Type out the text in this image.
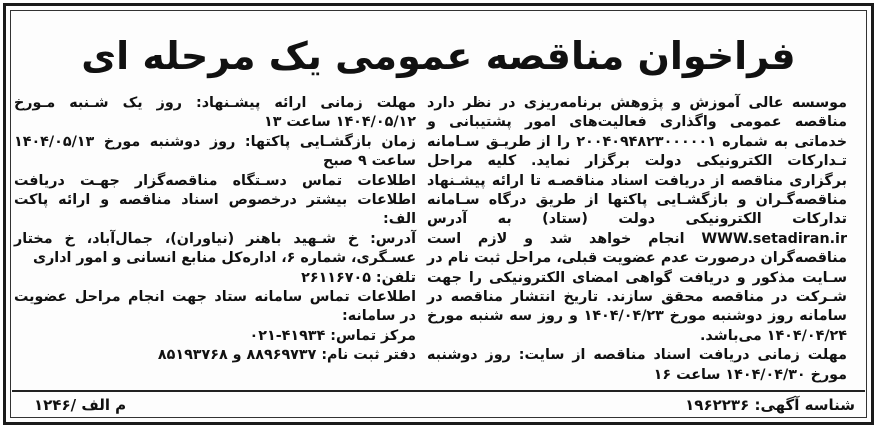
فراخوان مناقصه عمومی یک مرحله ای

موسسه عالی آموزش و پژوهش برنامه‌ریزی در نظر دارد مناقصه عمومی واگذاری فعالیت‌های امور پشتیبانی و خدماتی به شماره ۲۰۰۴۰۹۴۸۲۳۰۰۰۰۰۱ را از طریـق سـامانه تـدارکات الکترونیکی دولت برگزار نماید. کلیه مراحل برگزاری مناقصه از دریافت اسناد مناقصـه تا ارائه پیشـنهاد مناقصه‌گـران و بازگشـایی پاکتها از طریق درگاه سـامانه تدارکات الکترونیکی دولت (ستاد) به آدرس WWW.setadiran.ir انجام خواهد شد و لازم است مناقصه‌گران درصورت عدم عضویت قبلی، مراحل ثبت نام در سـایت مذکور و دریافت گواهی امضای الکترونیکی را جهت شـرکت در مناقصه محقق سازند. تاریخ انتشار مناقصه در سامانه روز دوشنبه مورخ ۱۴۰۴/۰۴/۲۳ و روز سه شنبه مورخ ۱۴۰۴/۰۴/۲۴ می‌باشد.

مهلت زمانی دریافت اسناد مناقصه از سایت: روز دوشنبه مورخ ۱۴۰۴/۰۴/۳۰ ساعت ۱۶

مهلت زمانی ارائه پیشـنهاد: روز یک شـنبه مـورخ ۱۴۰۴/۰۵/۱۲ ساعت ۱۳

زمان بازگشـایی پاکتها: روز دوشنبه مورخ ۱۴۰۴/۰۵/۱۳ ساعت ۹ صبح

اطلاعات تماس دسـتگاه مناقصه‌گزار جهـت دریافت اطلاعات بیشتر درخصوص اسناد مناقصه و ارائه پاکت الف:

آدرس: خ شـهید باهنر (نیاوران)، جمال‌آباد، خ مختار عسـگری، شماره ۶، اداره‌کل منابع انسانی و امور اداری

تلفن: ۲۶۱۱۶۷۰۵

اطلاعات تماس سامانه ستاد جهت انجام مراحل عضویت در سامانه:

مرکز تماس: ۴۱۹۳۴-۰۲۱

دفتر ثبت نام: ۸۸۹۶۹۷۳۷ و ۸۵۱۹۳۷۶۸

شناسه آگهی: ۱۹۶۲۲۳۶
م الف /۱۲۴۶
